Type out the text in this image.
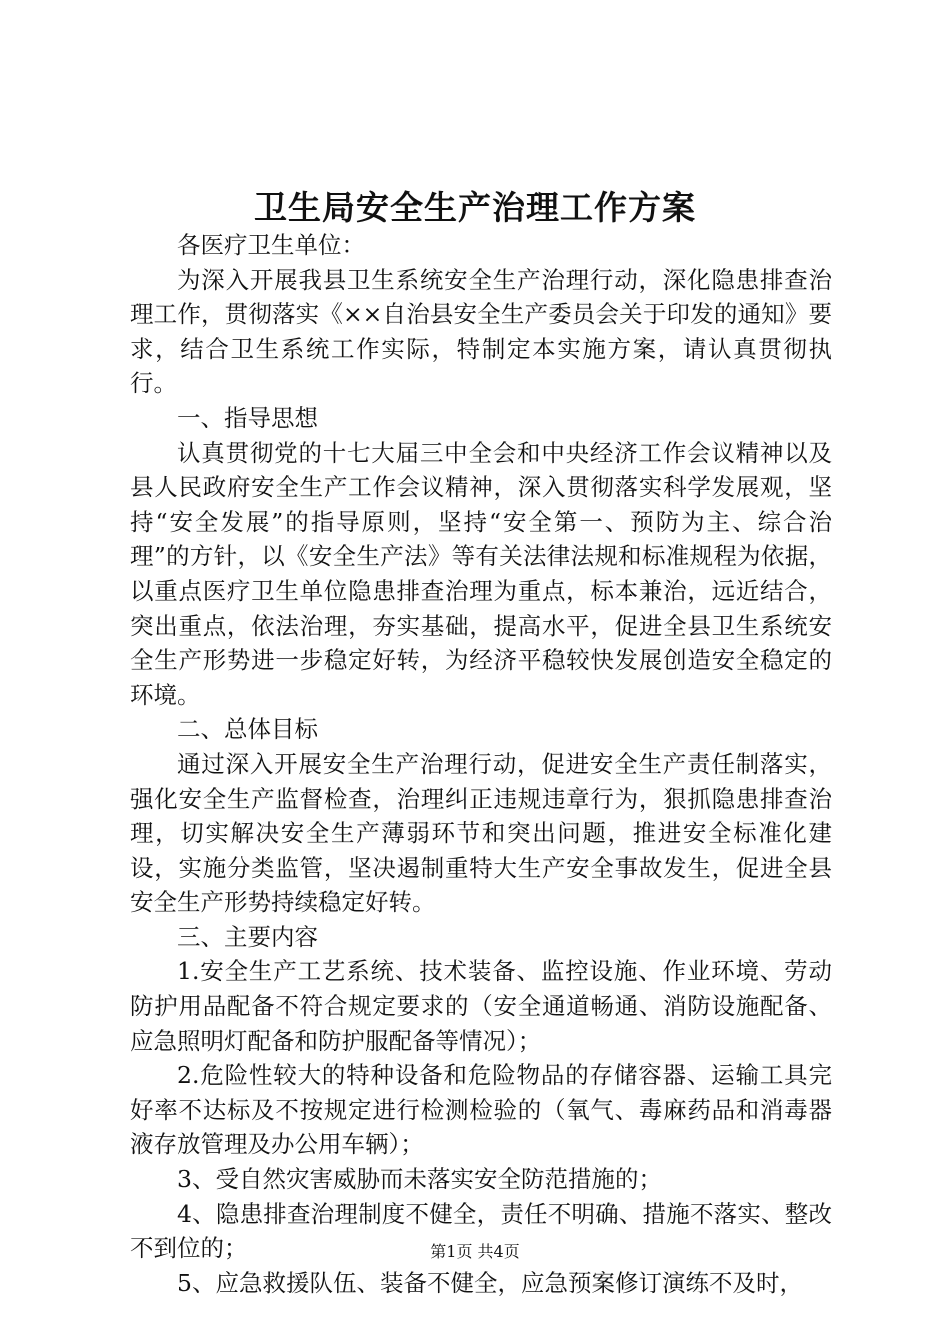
卫生局安全生产治理工作方案

各医疗卫生单位：

为深入开展我县卫生系统安全生产治理行动，深化隐患排查治理工作，贯彻落实《××自治县安全生产委员会关于印发的通知》要求，结合卫生系统工作实际，特制定本实施方案，请认真贯彻执行。

一、指导思想

认真贯彻党的十七大届三中全会和中央经济工作会议精神以及县人民政府安全生产工作会议精神，深入贯彻落实科学发展观，坚持“安全发展”的指导原则，坚持“安全第一、预防为主、综合治理”的方针，以《安全生产法》等有关法律法规和标准规程为依据，以重点医疗卫生单位隐患排查治理为重点，标本兼治，远近结合，突出重点，依法治理，夯实基础，提高水平，促进全县卫生系统安全生产形势进一步稳定好转，为经济平稳较快发展创造安全稳定的环境。

二、总体目标

通过深入开展安全生产治理行动，促进安全生产责任制落实，强化安全生产监督检查，治理纠正违规违章行为，狠抓隐患排查治理，切实解决安全生产薄弱环节和突出问题，推进安全标准化建设，实施分类监管，坚决遏制重特大生产安全事故发生，促进全县安全生产形势持续稳定好转。

三、主要内容

1.安全生产工艺系统、技术装备、监控设施、作业环境、劳动防护用品配备不符合规定要求的（安全通道畅通、消防设施配备、应急照明灯配备和防护服配备等情况）；

2.危险性较大的特种设备和危险物品的存储容器、运输工具完好率不达标及不按规定进行检测检验的（氧气、毒麻药品和消毒器液存放管理及办公用车辆）；

3、受自然灾害威胁而未落实安全防范措施的；

4、隐患排查治理制度不健全，责任不明确、措施不落实、整改不到位的；

5、应急救援队伍、装备不健全，应急预案修订演练不及时，

第1页 共4页
